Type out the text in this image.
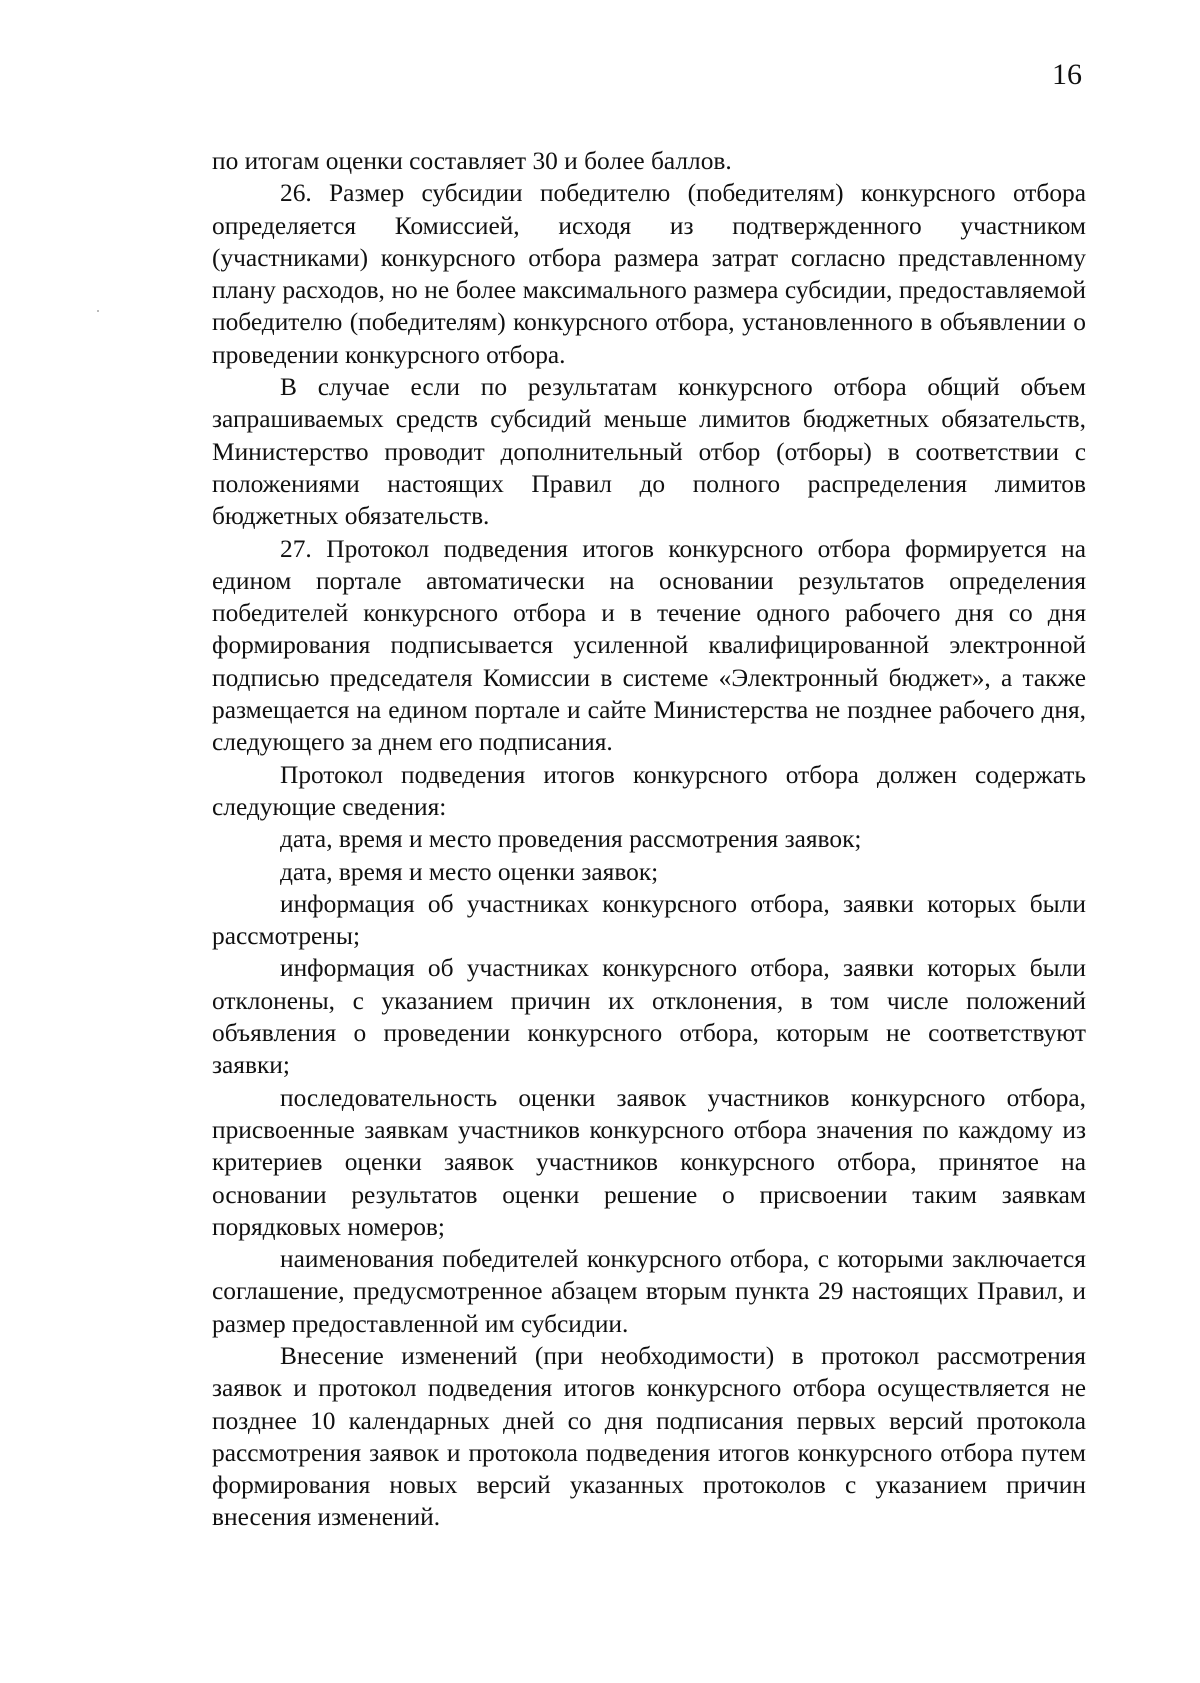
16

по итогам оценки составляет 30 и более баллов.

26. Размер субсидии победителю (победителям) конкурсного отбора определяется Комиссией, исходя из подтвержденного участником (участниками) конкурсного отбора размера затрат согласно представленному плану расходов, но не более максимального размера субсидии, предоставляемой победителю (победителям) конкурсного отбора, установленного в объявлении о проведении конкурсного отбора.

В случае если по результатам конкурсного отбора общий объем запрашиваемых средств субсидий меньше лимитов бюджетных обязательств, Министерство проводит дополнительный отбор (отборы) в соответствии с положениями настоящих Правил до полного распределения лимитов бюджетных обязательств.

27. Протокол подведения итогов конкурсного отбора формируется на едином портале автоматически на основании результатов определения победителей конкурсного отбора и в течение одного рабочего дня со дня формирования подписывается усиленной квалифицированной электронной подписью председателя Комиссии в системе «Электронный бюджет», а также размещается на едином портале и сайте Министерства не позднее рабочего дня, следующего за днем его подписания.

Протокол подведения итогов конкурсного отбора должен содержать следующие сведения:

дата, время и место проведения рассмотрения заявок;

дата, время и место оценки заявок;

информация об участниках конкурсного отбора, заявки которых были рассмотрены;

информация об участниках конкурсного отбора, заявки которых были отклонены, с указанием причин их отклонения, в том числе положений объявления о проведении конкурсного отбора, которым не соответствуют заявки;

последовательность оценки заявок участников конкурсного отбора, присвоенные заявкам участников конкурсного отбора значения по каждому из критериев оценки заявок участников конкурсного отбора, принятое на основании результатов оценки решение о присвоении таким заявкам порядковых номеров;

наименования победителей конкурсного отбора, с которыми заключается соглашение, предусмотренное абзацем вторым пункта 29 настоящих Правил, и размер предоставленной им субсидии.

Внесение изменений (при необходимости) в протокол рассмотрения заявок и протокол подведения итогов конкурсного отбора осуществляется не позднее 10 календарных дней со дня подписания первых версий протокола рассмотрения заявок и протокола подведения итогов конкурсного отбора путем формирования новых версий указанных протоколов с указанием причин внесения изменений.
